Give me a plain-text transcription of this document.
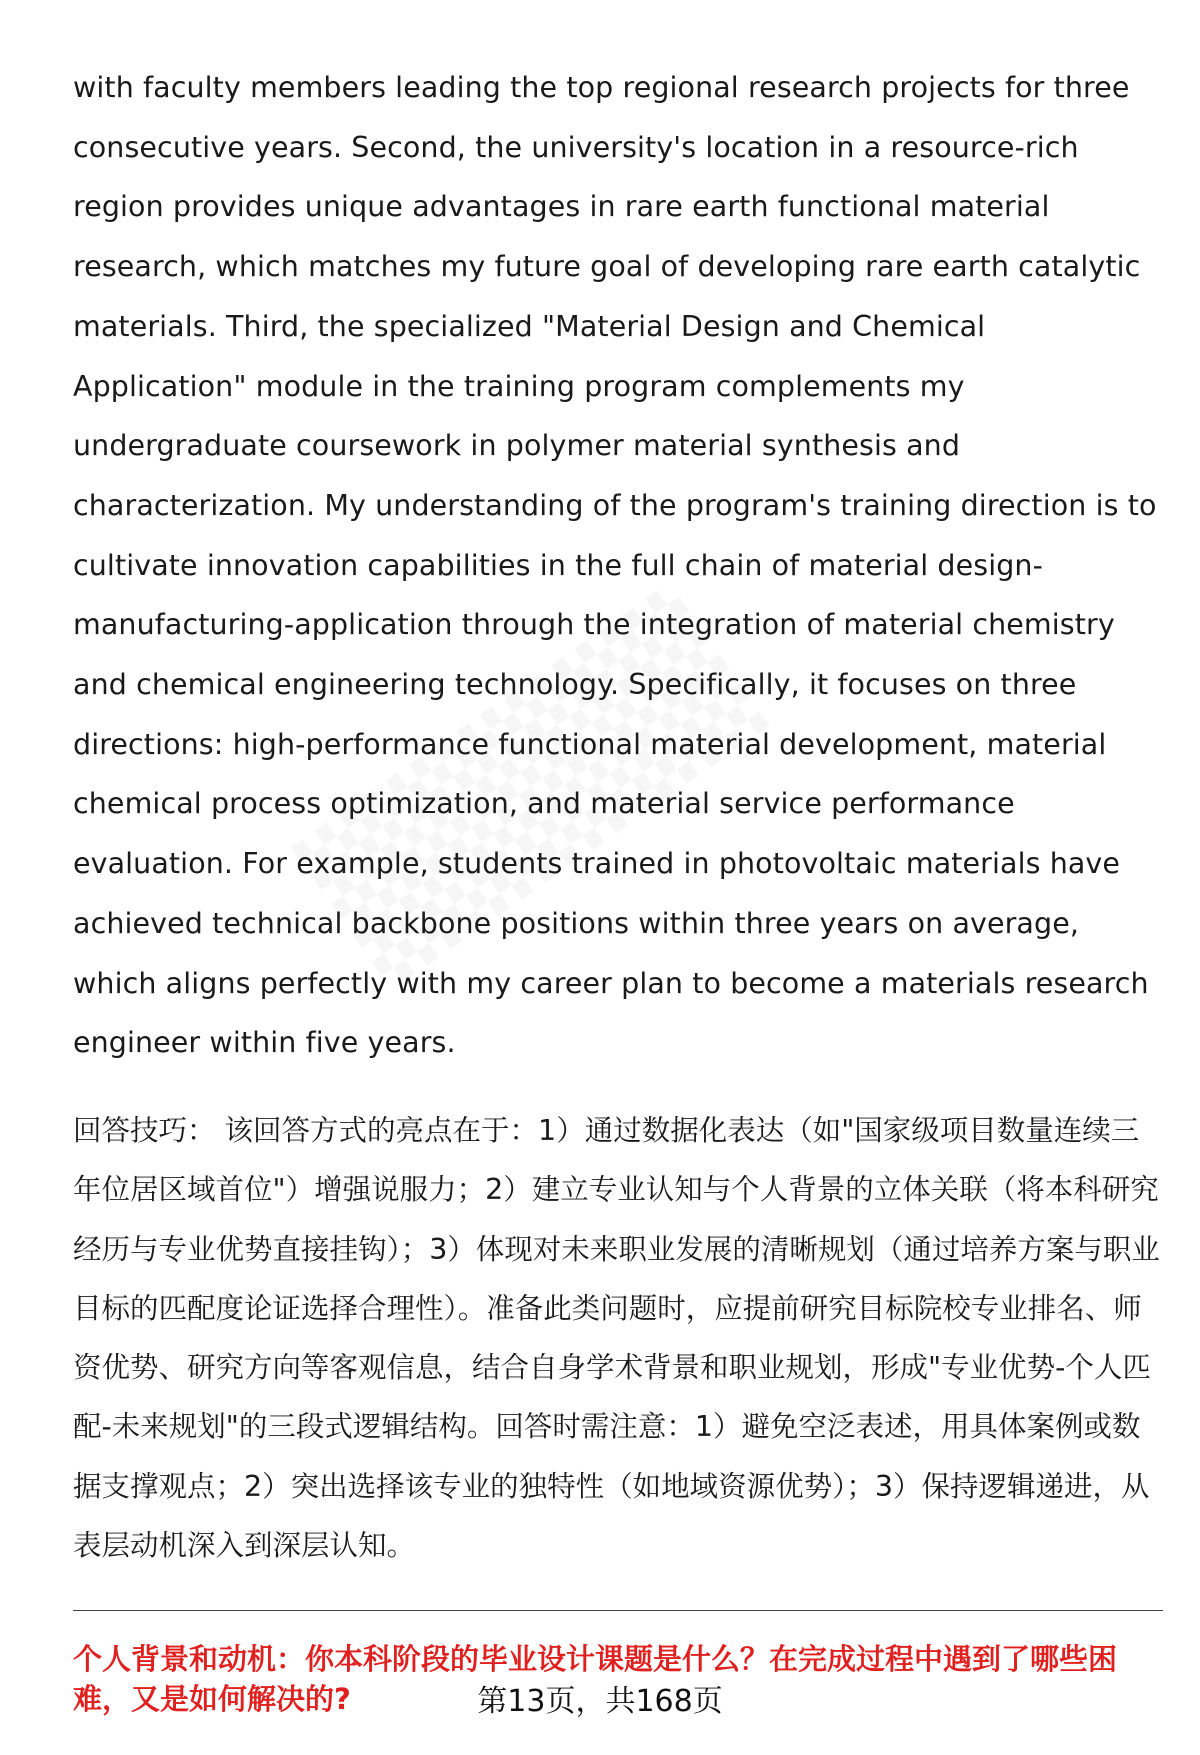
with faculty members leading the top regional research projects for three consecutive years. Second, the university's location in a resource-rich region provides unique advantages in rare earth functional material research, which matches my future goal of developing rare earth catalytic materials. Third, the specialized "Material Design and Chemical Application" module in the training program complements my undergraduate coursework in polymer material synthesis and characterization. My understanding of the program's training direction is to cultivate innovation capabilities in the full chain of material design-manufacturing-application through the integration of material chemistry and chemical engineering technology. Specifically, it focuses on three directions: high-performance functional material development, material chemical process optimization, and material service performance evaluation. For example, students trained in photovoltaic materials have achieved technical backbone positions within three years on average, which aligns perfectly with my career plan to become a materials research engineer within five years.

回答技巧： 该回答方式的亮点在于：1）通过数据化表达（如"国家级项目数量连续三年位居区域首位"）增强说服力；2）建立专业认知与个人背景的立体关联（将本科研究经历与专业优势直接挂钩）；3）体现对未来职业发展的清晰规划（通过培养方案与职业目标的匹配度论证选择合理性）。准备此类问题时，应提前研究目标院校专业排名、师资优势、研究方向等客观信息，结合自身学术背景和职业规划，形成"专业优势-个人匹配-未来规划"的三段式逻辑结构。回答时需注意：1）避免空泛表述，用具体案例或数据支撑观点；2）突出选择该专业的独特性（如地域资源优势）；3）保持逻辑递进，从表层动机深入到深层认知。

个人背景和动机：你本科阶段的毕业设计课题是什么？在完成过程中遇到了哪些困难，又是如何解决的?	第13页，共168页
